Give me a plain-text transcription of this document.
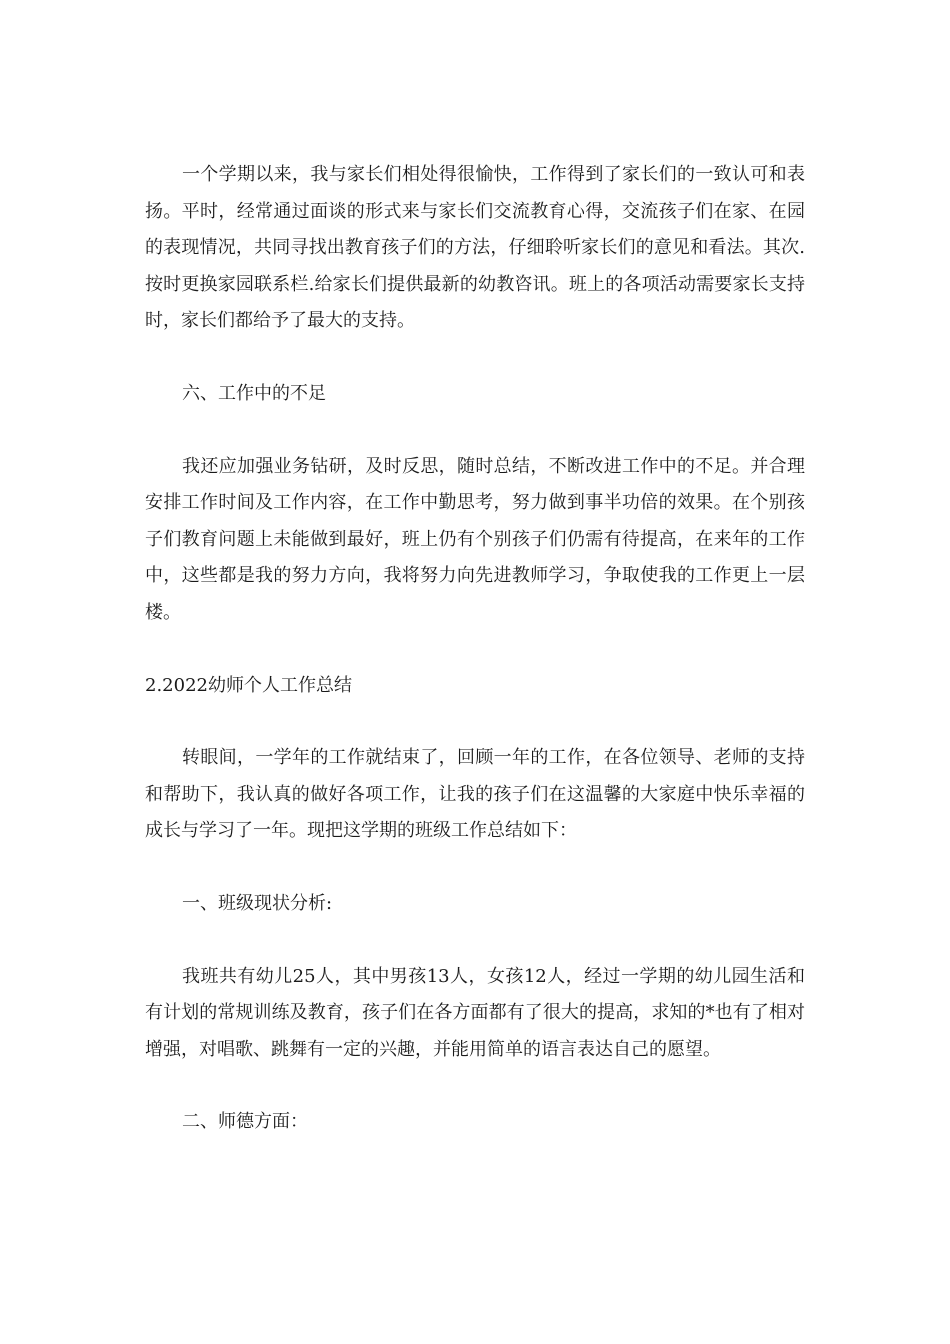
一个学期以来，我与家长们相处得很愉快，工作得到了家长们的一致认可和表扬。平时，经常通过面谈的形式来与家长们交流教育心得，交流孩子们在家、在园的表现情况，共同寻找出教育孩子们的方法，仔细聆听家长们的意见和看法。其次.按时更换家园联系栏.给家长们提供最新的幼教咨讯。班上的各项活动需要家长支持时，家长们都给予了最大的支持。

六、工作中的不足

我还应加强业务钻研，及时反思，随时总结，不断改进工作中的不足。并合理安排工作时间及工作内容，在工作中勤思考，努力做到事半功倍的效果。在个别孩子们教育问题上未能做到最好，班上仍有个别孩子们仍需有待提高，在来年的工作中，这些都是我的努力方向，我将努力向先进教师学习，争取使我的工作更上一层楼。

2.2022幼师个人工作总结

转眼间，一学年的工作就结束了，回顾一年的工作，在各位领导、老师的支持和帮助下，我认真的做好各项工作，让我的孩子们在这温馨的大家庭中快乐幸福的成长与学习了一年。现把这学期的班级工作总结如下：

一、班级现状分析:

我班共有幼儿25人，其中男孩13人，女孩12人，经过一学期的幼儿园生活和有计划的常规训练及教育，孩子们在各方面都有了很大的提高，求知的*也有了相对增强，对唱歌、跳舞有一定的兴趣，并能用简单的语言表达自己的愿望。

二、师德方面：
